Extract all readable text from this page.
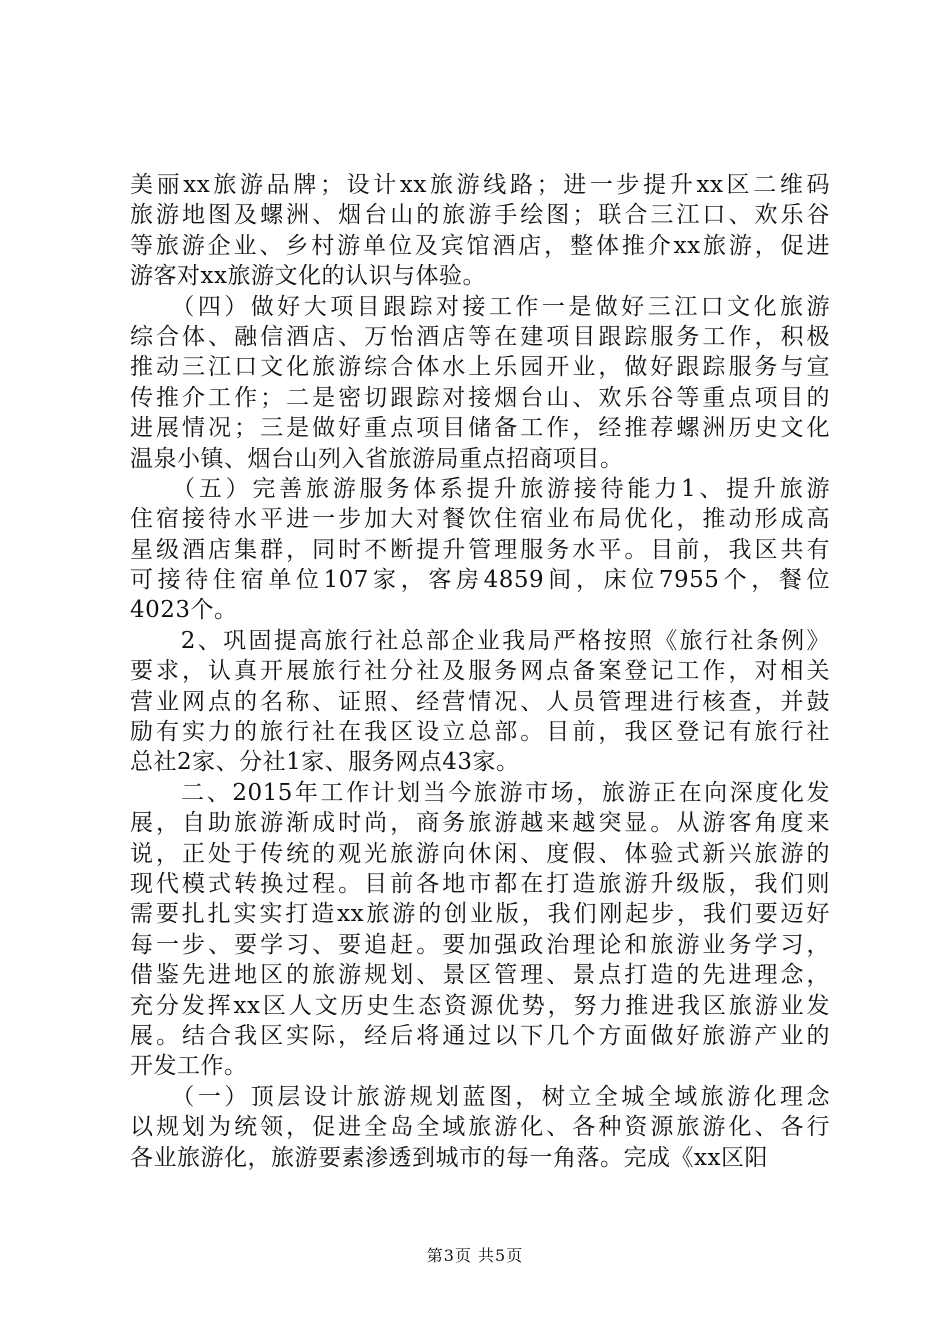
美丽xx旅游品牌；设计xx旅游线路；进一步提升xx区二维码
旅游地图及螺洲、烟台山的旅游手绘图；联合三江口、欢乐谷
等旅游企业、乡村游单位及宾馆酒店，整体推介xx旅游，促进
游客对xx旅游文化的认识与体验。
　　（四）做好大项目跟踪对接工作一是做好三江口文化旅游
综合体、融信酒店、万怡酒店等在建项目跟踪服务工作，积极
推动三江口文化旅游综合体水上乐园开业，做好跟踪服务与宣
传推介工作；二是密切跟踪对接烟台山、欢乐谷等重点项目的
进展情况；三是做好重点项目储备工作，经推荐螺洲历史文化
温泉小镇、烟台山列入省旅游局重点招商项目。
　　（五）完善旅游服务体系提升旅游接待能力1、提升旅游
住宿接待水平进一步加大对餐饮住宿业布局优化，推动形成高
星级酒店集群，同时不断提升管理服务水平。目前，我区共有
可接待住宿单位107家，客房4859间，床位7955个，餐位
4023个。
　　2、巩固提高旅行社总部企业我局严格按照《旅行社条例》
要求，认真开展旅行社分社及服务网点备案登记工作，对相关
营业网点的名称、证照、经营情况、人员管理进行核查，并鼓
励有实力的旅行社在我区设立总部。目前，我区登记有旅行社
总社2家、分社1家、服务网点43家。
　　二、2015年工作计划当今旅游市场，旅游正在向深度化发
展，自助旅游渐成时尚，商务旅游越来越突显。从游客角度来
说，正处于传统的观光旅游向休闲、度假、体验式新兴旅游的
现代模式转换过程。目前各地市都在打造旅游升级版，我们则
需要扎扎实实打造xx旅游的创业版，我们刚起步，我们要迈好
每一步、要学习、要追赶。要加强政治理论和旅游业务学习，
借鉴先进地区的旅游规划、景区管理、景点打造的先进理念，
充分发挥xx区人文历史生态资源优势，努力推进我区旅游业发
展。结合我区实际，经后将通过以下几个方面做好旅游产业的
开发工作。
　　（一）顶层设计旅游规划蓝图，树立全城全域旅游化理念
以规划为统领，促进全岛全域旅游化、各种资源旅游化、各行
各业旅游化，旅游要素渗透到城市的每一角落。完成《xx区阳
第3页 共5页
